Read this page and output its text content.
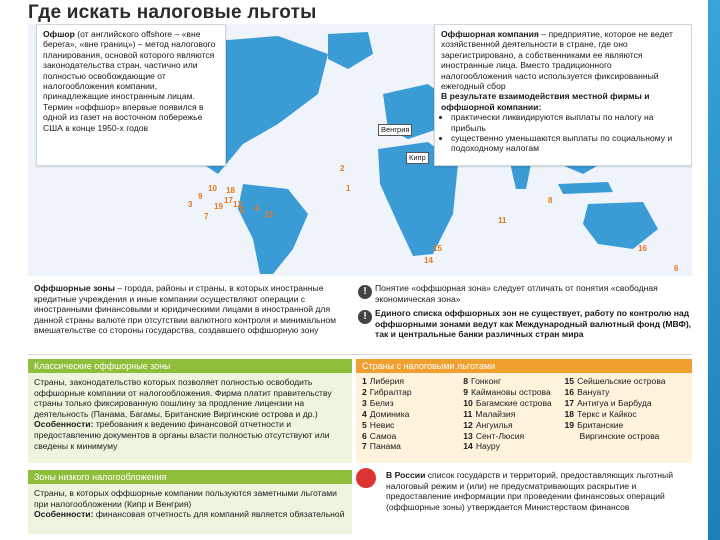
Где искать налоговые льготы

Офшор (от английского offshore – «вне берега», «вне границ») – метод налогового планирования, основой которого являются законодательства стран, частично или полностью освобождающие от налогообложения компании, принадлежащие иностранным лицам.

Термин «оффшор» впервые появился в одной из газет на восточном побережье США в конце 1950-х годов

Оффшорная компания – предприятие, которое не ведет хозяйственной деятельности в стране, где оно зарегистрировано, а собственниками ее являются иностранные лица. Вместо традиционного налогообложения часто используется фиксированный ежегодный сбор

В результате взаимодействия местной фирмы и оффшорной компании:

• практически ликвидируются выплаты по налогу на прибыль
• существенно уменьшаются выплаты по социальному и подоходному налогам
Венгрия
Кипр
10
9
18
17 12
2
3
7
5 4
13
8
11
14
15	16
1
6
19
Оффшорные зоны – города, районы и страны, в которых иностранные кредитные учреждения и иные компании осуществляют операции с иностранными финансовыми и юридическими лицами в иностранной для данной страны валюте при отсутствии валютного контроля и минимальном вмешательстве со стороны государства, создавшего оффшорную зону
!
!
Понятие «оффшорная зона» следует отличать от понятия «свободная экономическая зона»
Единого списка оффшорных зон не существует, работу по контролю над оффшорными зонами ведут как Международный валютный фонд (МВФ), так и центральные банки различных стран мира
Классические оффшорные зоны
Страны, законодательство которых позволяет полностью освободить оффшорные компании от налогообложения. Фирма платит правительству страны только фиксированную пошлину за продление лицензии на деятельность (Панама, Багамы, Британские Виргинские острова и др.)
Особенности: требования к ведению финансовой отчетности и предоставлению документов в органы власти полностью отсутствуют или сведены к минимуму
Зоны низкого налогообложения
Страны, в которых оффшорные компании пользуются заметными льготами при налогообложении (Кипр и Венгрия)
Особенности: финансовая отчетность для компаний является обязательной
Страны с налоговыми льготами
1 Либерия
2 Гибралтар
3 Белиз
4 Доминика
5 Невис
6 Самоа
7 Панама
8 Гонконг
9 Каймановы острова
10 Багамские острова
11 Малайзия
12 Ангуилья
13 Сент-Люсия
14 Науру
15 Сейшельские острова
16 Вануату
17 Антигуа и Барбуда
18 Теркс и Кайкос
19 Британские
Виргинские острова
В России список государств и территорий, предоставляющих льготный налоговый режим и (или) не предусматривающих раскрытие и предоставление информации при проведении финансовых операций (оффшорные зоны) утверждается Министерством финансов
